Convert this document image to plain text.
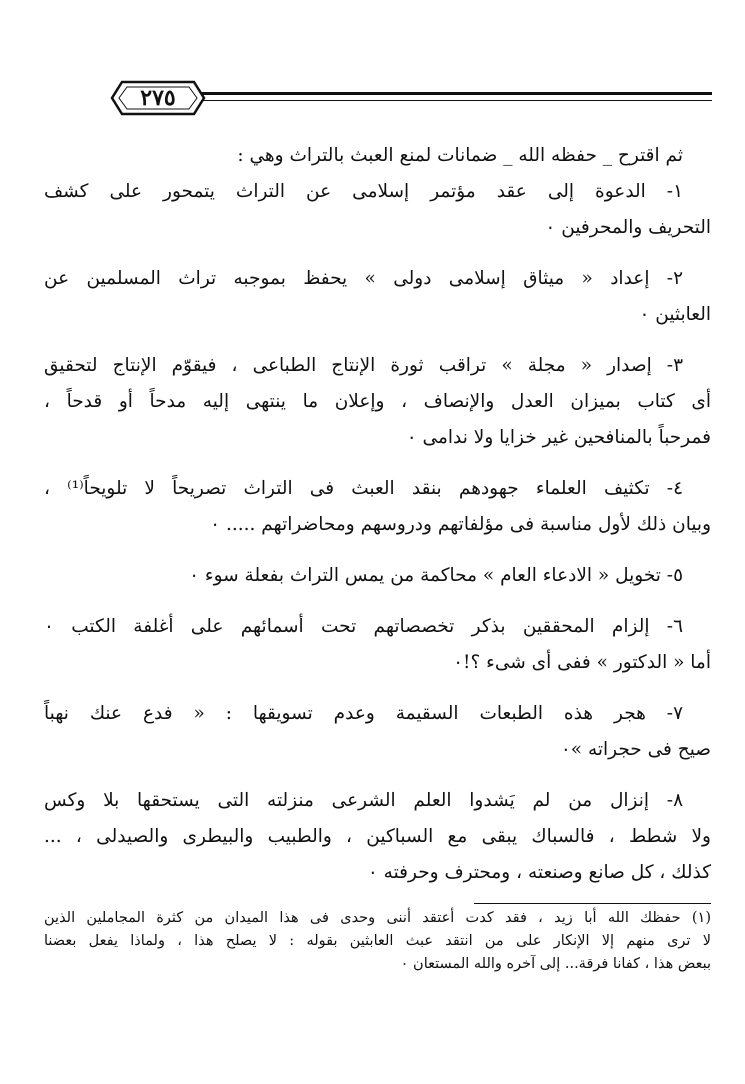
٢٧٥
ثم اقترح _ حفظه الله _ ضمانات لمنع العبث بالتراث وهي :
١- الدعوة إلى عقد مؤتمر إسلامى عن التراث يتمحور على كشف
التحريف والمحرفين ٠
٢- إعداد « ميثاق إسلامى دولى » يحفظ بموجبه تراث المسلمين عن
العابثين ٠
٣- إصدار « مجلة » تراقب ثورة الإنتاج الطباعى ، فيقوّم الإنتاج لتحقيق
أى كتاب بميزان العدل والإنصاف ، وإعلان ما ينتهى إليه مدحاً أو قدحاً ،
فمرحباً بالمنافحين غير خزايا ولا ندامى ٠
٤- تكثيف العلماء جهودهم بنقد العبث فى التراث تصريحاً لا تلويحاً⁽¹⁾ ،
وبيان ذلك لأول مناسبة فى مؤلفاتهم ودروسهم ومحاضراتهم ..... ٠
٥- تخويل « الادعاء العام » محاكمة من يمس التراث بفعلة سوء ٠
٦- إلزام المحققين بذكر تخصصاتهم تحت أسمائهم على أغلفة الكتب ٠
أما « الدكتور » ففى أى شىء ؟!٠
٧- هجر هذه الطبعات السقيمة وعدم تسويقها : « فدع عنك نهباً
صيح فى حجراته »٠
٨- إنزال من لم يَشدوا العلم الشرعى منزلته التى يستحقها بلا وكس
ولا شطط ، فالسباك يبقى مع السباكين ، والطبيب والبيطرى والصيدلى ، ...
كذلك ، كل صانع وصنعته ، ومحترف وحرفته ٠
(١) حفظك الله أبا زيد ، فقد كدت أعتقد أننى وحدى فى هذا الميدان من كثرة المجاملين الذين
لا ترى منهم إلا الإنكار على من انتقد عبث العابثين بقوله : لا يصلح هذا ، ولماذا يفعل بعضنا
ببعض هذا ، كفانا فرقة... إلى آخره والله المستعان ٠
